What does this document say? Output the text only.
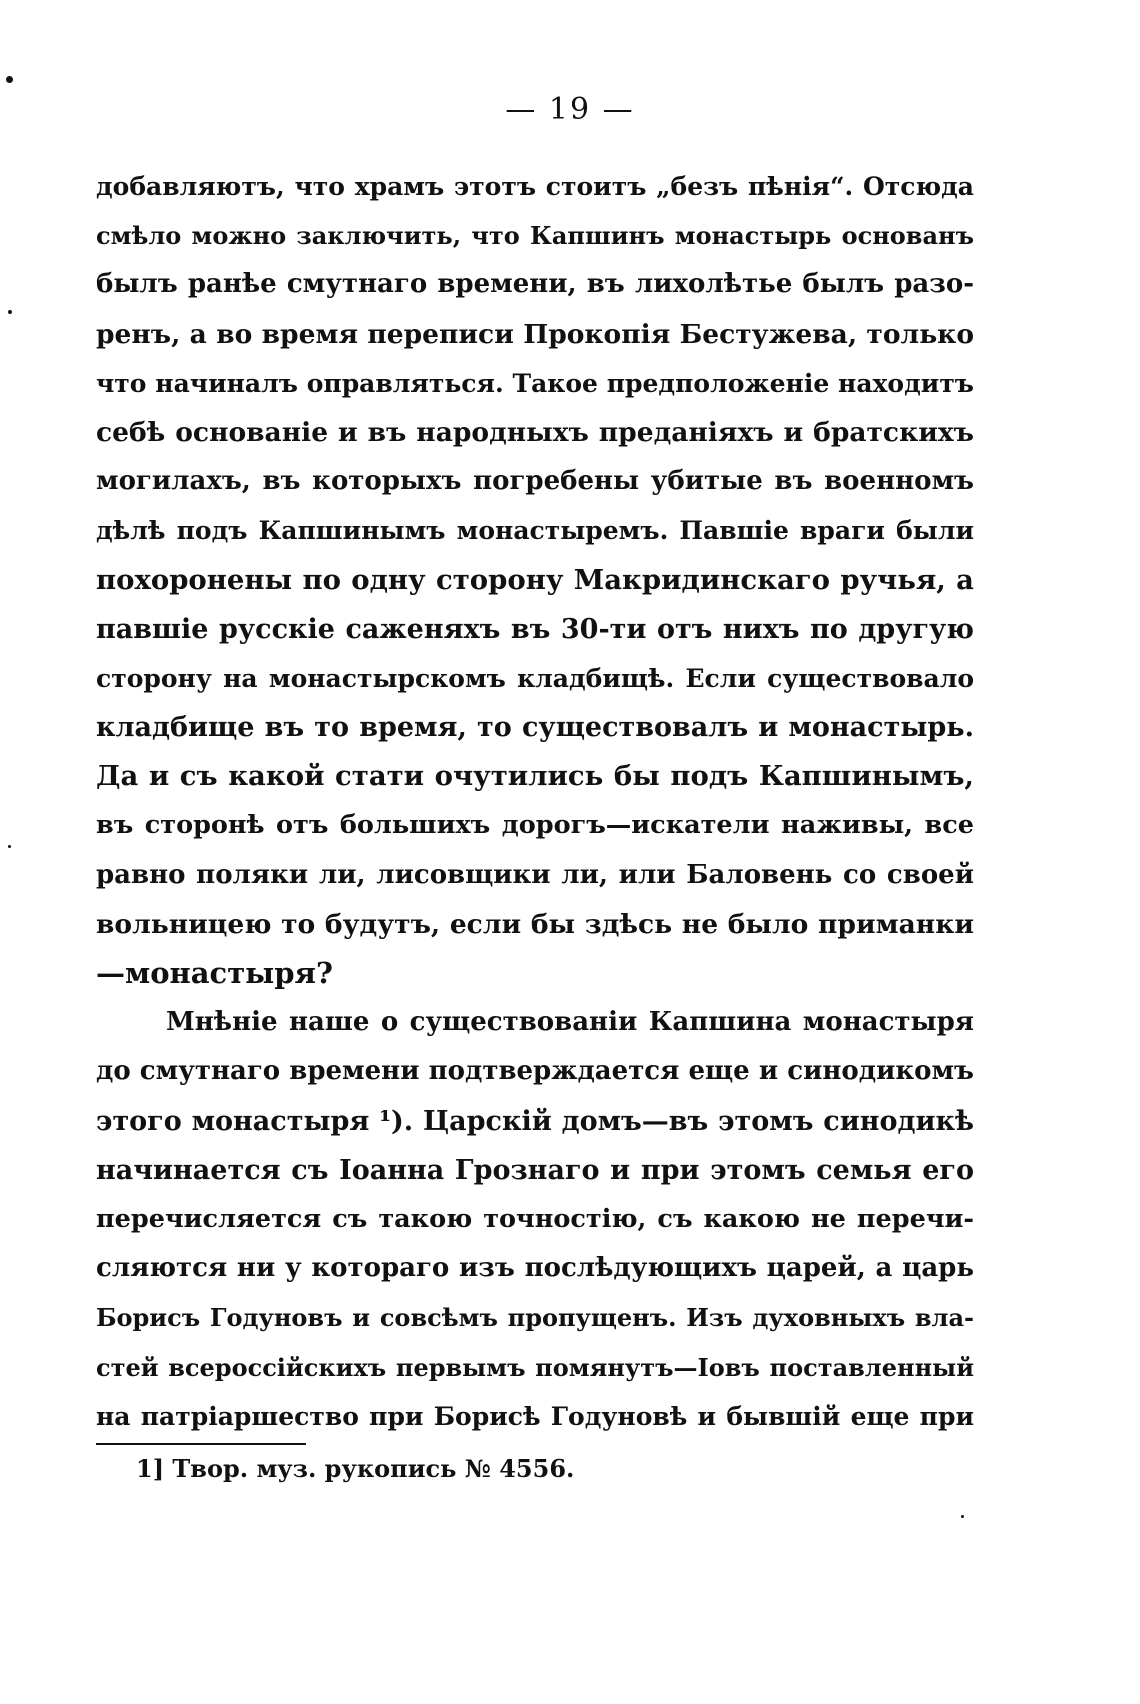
— 19 —
добавляютъ, что храмъ этотъ стоитъ „безъ пѣнія“. Отсюда
смѣло можно заключить, что Капшинъ монастырь основанъ
былъ ранѣе смутнаго времени, въ лихолѣтье былъ разо-
ренъ, а во время переписи Прокопія Бестужева, только
что начиналъ оправляться. Такое предположеніе находитъ
себѣ основаніе и въ народныхъ преданіяхъ и братскихъ
могилахъ, въ которыхъ погребены убитые въ военномъ
дѣлѣ подъ Капшинымъ монастыремъ. Павшіе враги были
похоронены по одну сторону Макридинскаго ручья, а
павшіе русскіе саженяхъ въ 30-ти отъ нихъ по другую
сторону на монастырскомъ кладбищѣ. Если существовало
кладбище въ то время, то существовалъ и монастырь.
Да и съ какой стати очутились бы подъ Капшинымъ,
въ сторонѣ отъ большихъ дорогъ—искатели наживы, все
равно поляки ли, лисовщики ли, или Баловень со своей
вольницею то будутъ, если бы здѣсь не было приманки
—монастыря?
Мнѣніе наше о существованіи Капшина монастыря
до смутнаго времени подтверждается еще и синодикомъ
этого монастыря ¹). Царскій домъ—въ этомъ синодикѣ
начинается съ Іоанна Грознаго и при этомъ семья его
перечисляется съ такою точностію, съ какою не перечи-
сляются ни у котораго изъ послѣдующихъ царей, а царь
Борисъ Годуновъ и совсѣмъ пропущенъ. Изъ духовныхъ вла-
стей всероссійскихъ первымъ помянутъ—Іовъ поставленный
на патріаршество при Борисѣ Годуновѣ и бывшій еще при
1] Твор. муз. рукопись № 4556.
